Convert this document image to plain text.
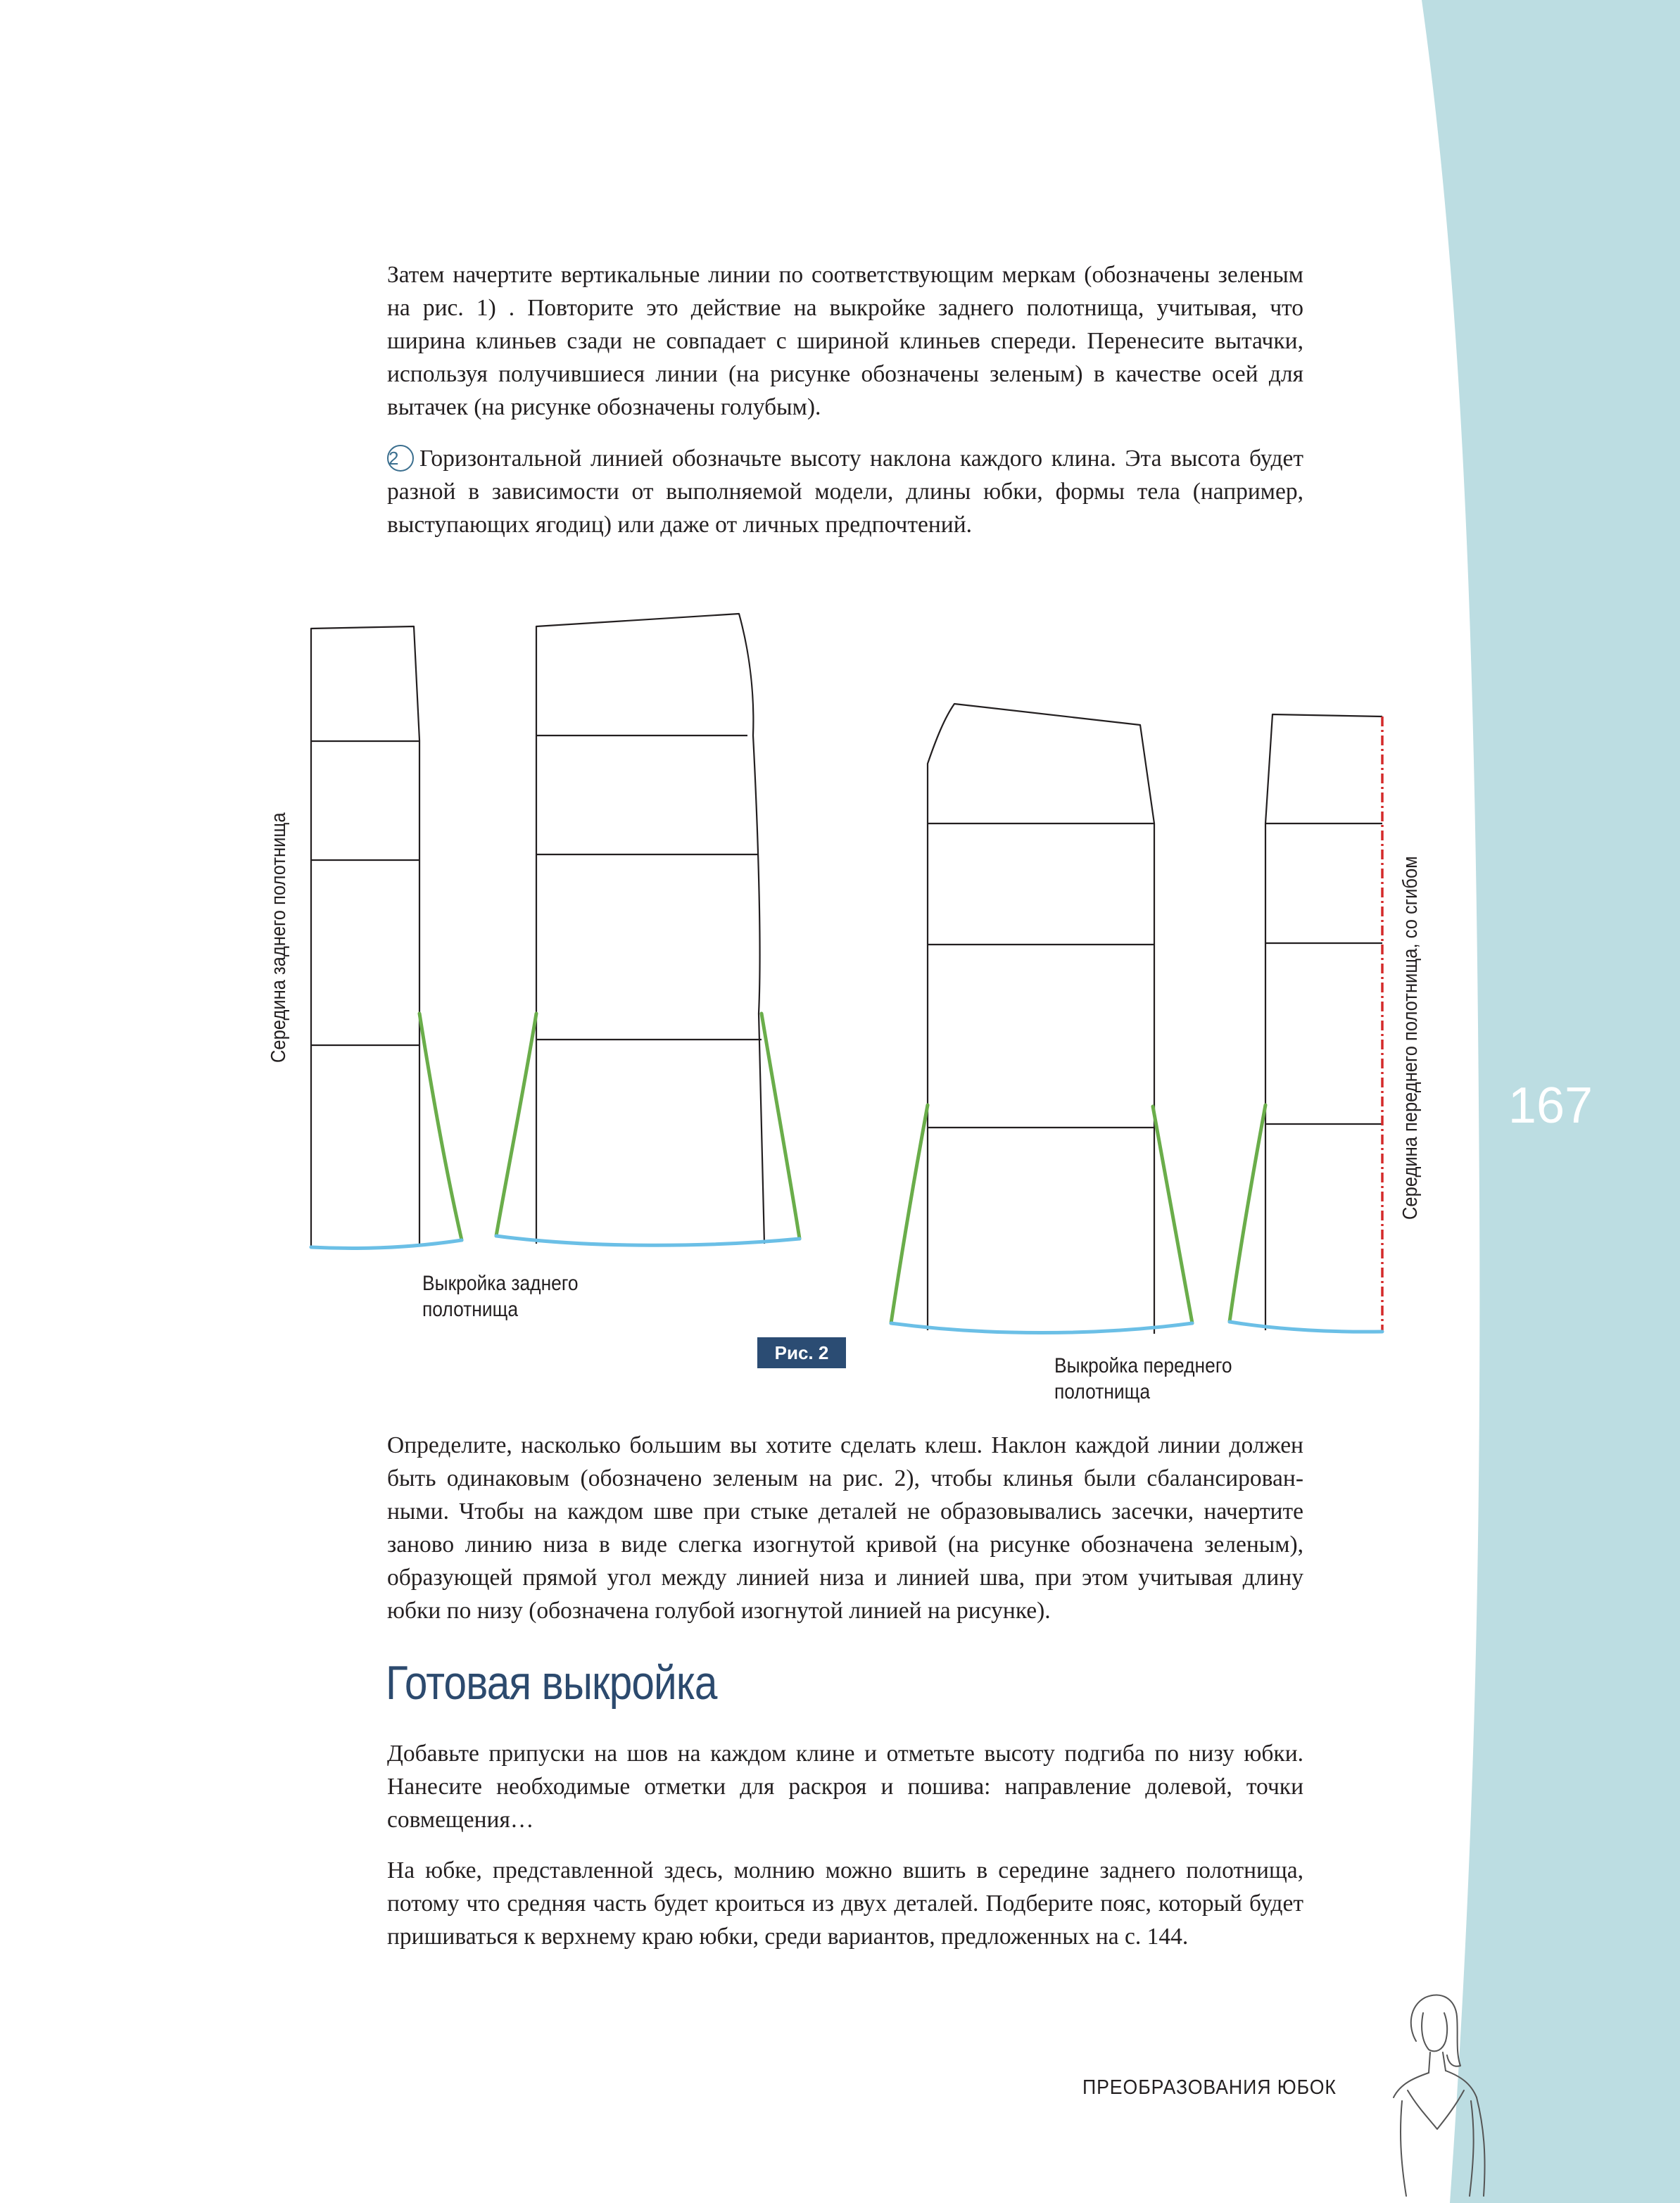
167

Затем начертите вертикальные линии по соответствующим меркам (обозначены зеленым на рис. 1) . Повторите это действие на выкройке заднего полотнища, учитывая, что ширина клиньев сзади не совпадает с шириной клиньев спереди. Перенесите вытачки, используя получившиеся линии (на рисунке обозначены зеленым) в качестве осей для вытачек (на рисунке обозначены голубым).

2 Горизонтальной линией обозначьте высоту наклона каждого клина. Эта высота будет разной в зависимости от выполняемой модели, длины юбки, формы тела (например, выступающих ягодиц) или даже от личных предпочтений.

Середина заднего полотнища	Середина переднего полотнища, со сгибом
Выкройка заднего
полотнища
Рис. 2
Выкройка переднего
полотнища

Определите, насколько большим вы хотите сделать клеш. Наклон каждой линии должен быть одинаковым (обозначено зеленым на рис. 2), чтобы клинья были сбалансированными. Чтобы на каждом шве при стыке деталей не образовывались засечки, начертите заново линию низа в виде слегка изогнутой кривой (на рисунке обозначена зеленым), образующей прямой угол между линией низа и линией шва, при этом учитывая длину юбки по низу (обозначена голубой изогнутой линией на рисунке).

Готовая выкройка

Добавьте припуски на шов на каждом клине и отметьте высоту подгиба по низу юбки. Нанесите необходимые отметки для раскроя и пошива: направление долевой, точки совмещения…

На юбке, представленной здесь, молнию можно вшить в середине заднего полотнища, потому что средняя часть будет кроиться из двух деталей. Подберите пояс, который будет пришиваться к верхнему краю юбки, среди вариантов, предложенных на с. 144.

ПРЕОБРАЗОВАНИЯ ЮБОК
